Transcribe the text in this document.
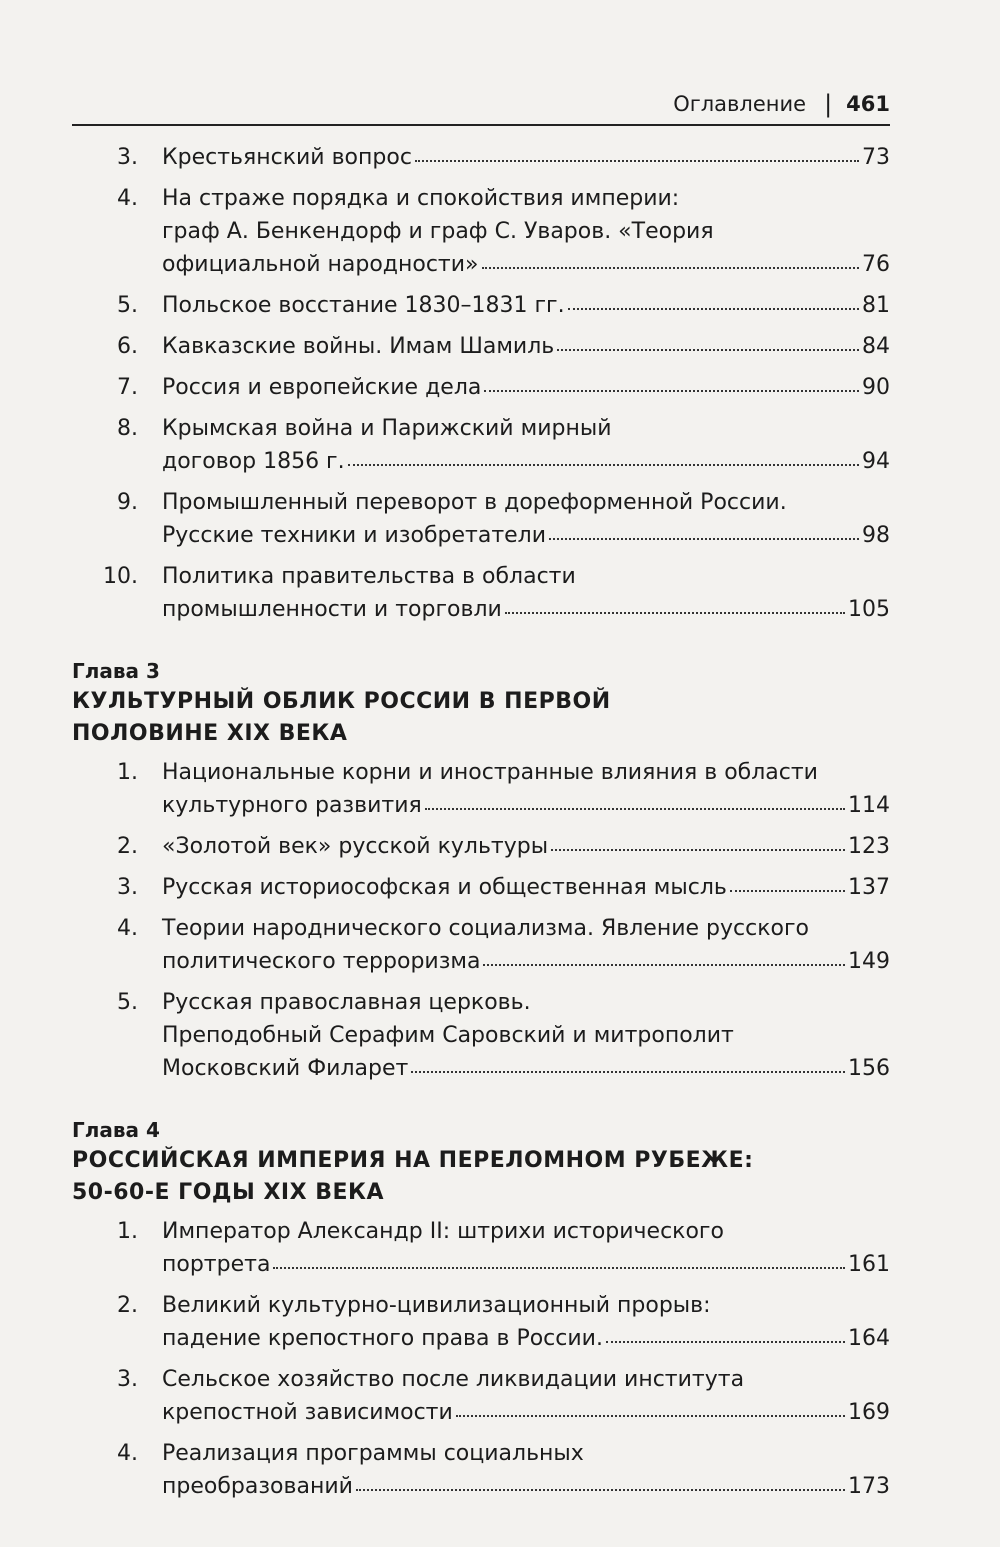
Оглавление | 461
3.	Крестьянский вопрос	73
4.	На страже порядка и спокойствия империи:
граф А. Бенкендорф и граф С. Уваров. «Теория
официальной народности»	76
5.	Польское восстание 1830–1831 гг.	81
6.	Кавказские войны. Имам Шамиль	84
7.	Россия и европейские дела	90
8.	Крымская война и Парижский мирный
договор 1856 г.	94
9.	Промышленный переворот в дореформенной России.
Русские техники и изобретатели	98
10.	Политика правительства в области
промышленности и торговли	105
Глава 3
КУЛЬТУРНЫЙ ОБЛИК РОССИИ В ПЕРВОЙ
ПОЛОВИНЕ XIX ВЕКА
1.	Национальные корни и иностранные влияния в области
культурного развития	114
2.	«Золотой век» русской культуры	123
3.	Русская историософская и общественная мысль	137
4.	Теории народнического социализма. Явление русского
политического терроризма	149
5.	Русская православная церковь.
Преподобный Серафим Саровский и митрополит
Московский Филарет	156
Глава 4
РОССИЙСКАЯ ИМПЕРИЯ НА ПЕРЕЛОМНОМ РУБЕЖЕ:
50-60-Е ГОДЫ XIX ВЕКА
1.	Император Александр II: штрихи исторического
портрета	161
2.	Великий культурно-цивилизационный прорыв:
падение крепостного права в России.	164
3.	Сельское хозяйство после ликвидации института
крепостной зависимости	169
4.	Реализация программы социальных
преобразований	173
